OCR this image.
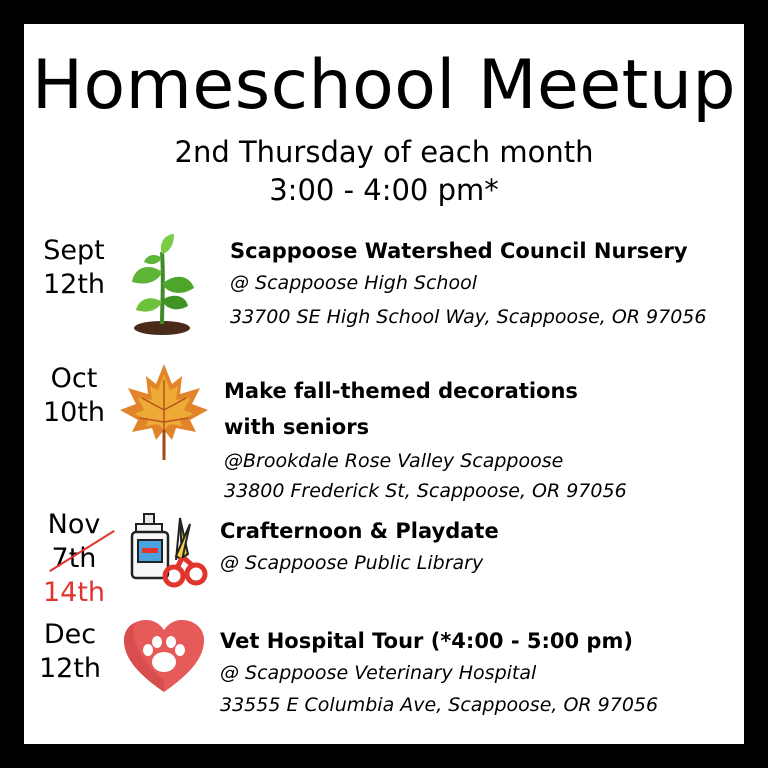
Homeschool Meetup
2nd Thursday of each month
3:00 - 4:00 pm*
Sept
12th
Scappoose Watershed Council Nursery
@ Scappoose High School
33700 SE High School Way, Scappoose, OR 97056
Oct
10th
Make fall-themed decorations
with seniors
@Brookdale Rose Valley Scappoose
33800 Frederick St, Scappoose, OR 97056
Nov
7th
14th
Crafternoon & Playdate
@ Scappoose Public Library
Dec
12th
Vet Hospital Tour (*4:00 - 5:00 pm)
@ Scappoose Veterinary Hospital
33555 E Columbia Ave, Scappoose, OR 97056
